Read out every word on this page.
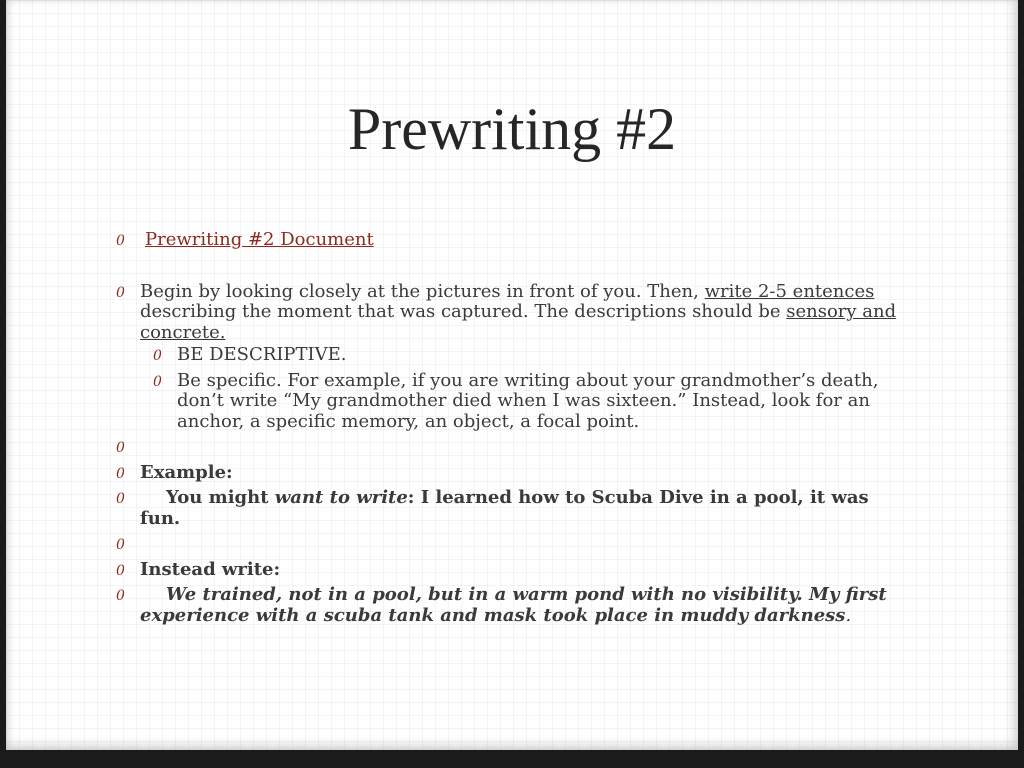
Prewriting #2
0 Prewriting #2 Document
0 Begin by looking closely at the pictures in front of you. Then, write 2-5 entences describing the moment that was captured. The descriptions should be sensory and concrete.
0 BE DESCRIPTIVE.
0 Be specific. For example, if you are writing about your grandmother’s death, don’t write “My grandmother died when I was sixteen.” Instead, look for an anchor, a specific memory, an object, a focal point.
0

0 Example:
0 You might want to write: I learned how to Scuba Dive in a pool, it was fun.
0

0 Instead write:
0 We trained, not in a pool, but in a warm pond with no visibility. My first experience with a scuba tank and mask took place in muddy darkness.
